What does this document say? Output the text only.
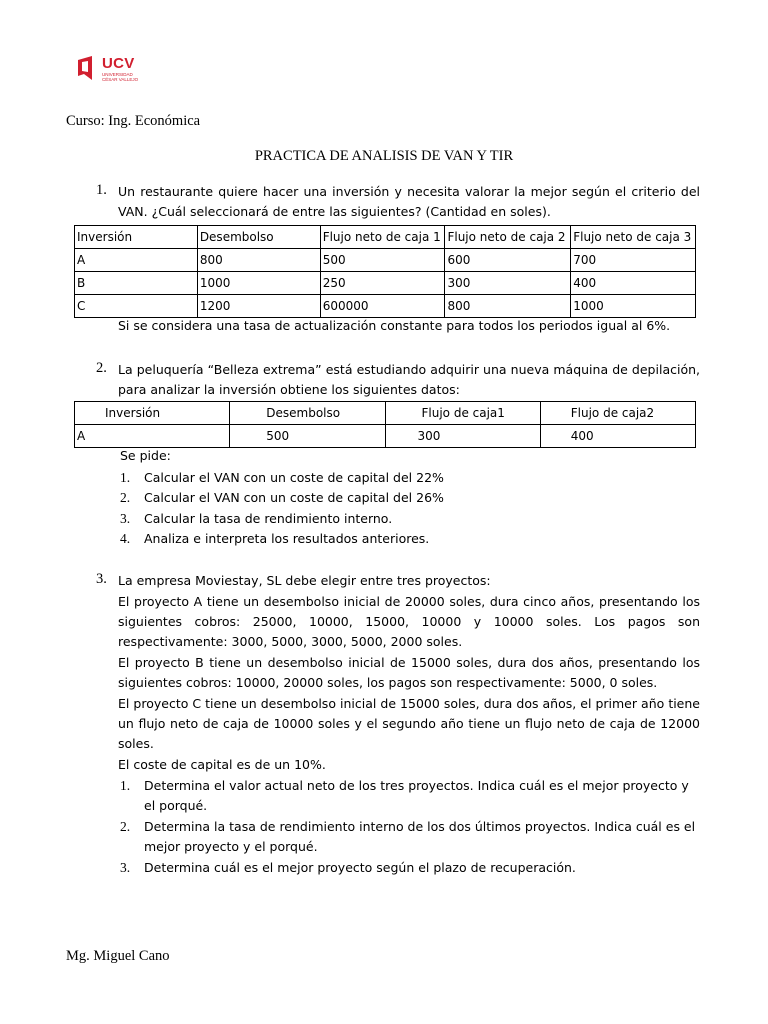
UCV
UNIVERSIDAD CÉSAR VALLEJO
Curso: Ing. Económica
PRACTICA DE ANALISIS DE VAN Y TIR
1. Un restaurante quiere hacer una inversión y necesita valorar la mejor según el criterio del VAN. ¿Cuál seleccionará de entre las siguientes? (Cantidad en soles).
Inversión	Desembolso	Flujo neto de caja 1	Flujo neto de caja 2	Flujo neto de caja 3
A	800	500	600	700
B	1000	250	300	400
C	1200	600000	800	1000
Si se considera una tasa de actualización constante para todos los periodos igual al 6%.
2. La peluquería “Belleza extrema” está estudiando adquirir una nueva máquina de depilación, para analizar la inversión obtiene los siguientes datos:
Inversión	Desembolso	Flujo de caja1	Flujo de caja2
A	500	300	400
Se pide:
1. Calcular el VAN con un coste de capital del 22%
2. Calcular el VAN con un coste de capital del 26%
3. Calcular la tasa de rendimiento interno.
4. Analiza e interpreta los resultados anteriores.
3. La empresa Moviestay, SL debe elegir entre tres proyectos:
El proyecto A tiene un desembolso inicial de 20000 soles, dura cinco años, presentando los siguientes cobros: 25000, 10000, 15000, 10000 y 10000 soles. Los pagos son respectivamente: 3000, 5000, 3000, 5000, 2000 soles.
El proyecto B tiene un desembolso inicial de 15000 soles, dura dos años, presentando los siguientes cobros: 10000, 20000 soles, los pagos son respectivamente: 5000, 0 soles.
El proyecto C tiene un desembolso inicial de 15000 soles, dura dos años, el primer año tiene un flujo neto de caja de 10000 soles y el segundo año tiene un flujo neto de caja de 12000 soles.
El coste de capital es de un 10%.
1. Determina el valor actual neto de los tres proyectos. Indica cuál es el mejor proyecto y el porqué.
2. Determina la tasa de rendimiento interno de los dos últimos proyectos. Indica cuál es el mejor proyecto y el porqué.
3. Determina cuál es el mejor proyecto según el plazo de recuperación.
Mg. Miguel Cano
